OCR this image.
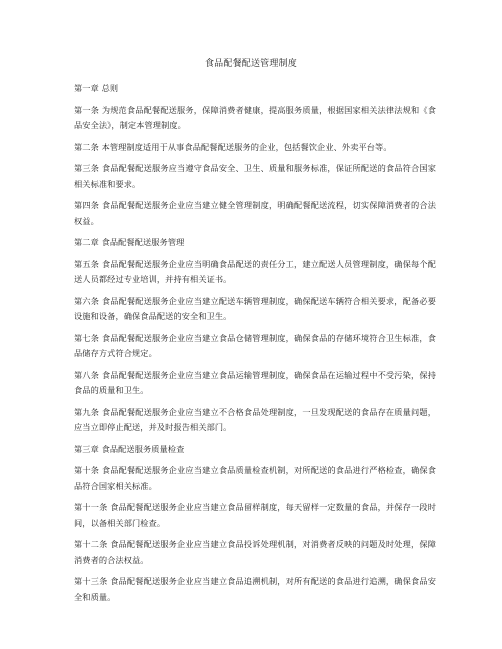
食品配餐配送管理制度
第一章 总则

第一条 为规范食品配餐配送服务，保障消费者健康，提高服务质量，根据国家相关法律法规和《食品安全法》，制定本管理制度。

第二条 本管理制度适用于从事食品配餐配送服务的企业，包括餐饮企业、外卖平台等。

第三条 食品配餐配送服务应当遵守食品安全、卫生、质量和服务标准，保证所配送的食品符合国家相关标准和要求。

第四条 食品配餐配送服务企业应当建立健全管理制度，明确配餐配送流程，切实保障消费者的合法权益。

第二章 食品配餐配送服务管理

第五条 食品配餐配送服务企业应当明确食品配送的责任分工，建立配送人员管理制度，确保每个配送人员都经过专业培训，并持有相关证书。

第六条 食品配餐配送服务企业应当建立配送车辆管理制度，确保配送车辆符合相关要求，配备必要设施和设备，确保食品配送的安全和卫生。

第七条 食品配餐配送服务企业应当建立食品仓储管理制度，确保食品的存储环境符合卫生标准，食品储存方式符合规定。

第八条 食品配餐配送服务企业应当建立食品运输管理制度，确保食品在运输过程中不受污染，保持食品的质量和卫生。

第九条 食品配餐配送服务企业应当建立不合格食品处理制度，一旦发现配送的食品存在质量问题，应当立即停止配送，并及时报告相关部门。

第三章 食品配送服务质量检查

第十条 食品配餐配送服务企业应当建立食品质量检查机制，对所配送的食品进行严格检查，确保食品符合国家相关标准。

第十一条 食品配餐配送服务企业应当建立食品留样制度，每天留样一定数量的食品，并保存一段时间，以备相关部门检查。

第十二条 食品配餐配送服务企业应当建立食品投诉处理机制，对消费者反映的问题及时处理，保障消费者的合法权益。

第十三条 食品配餐配送服务企业应当建立食品追溯机制，对所有配送的食品进行追溯，确保食品安全和质量。
